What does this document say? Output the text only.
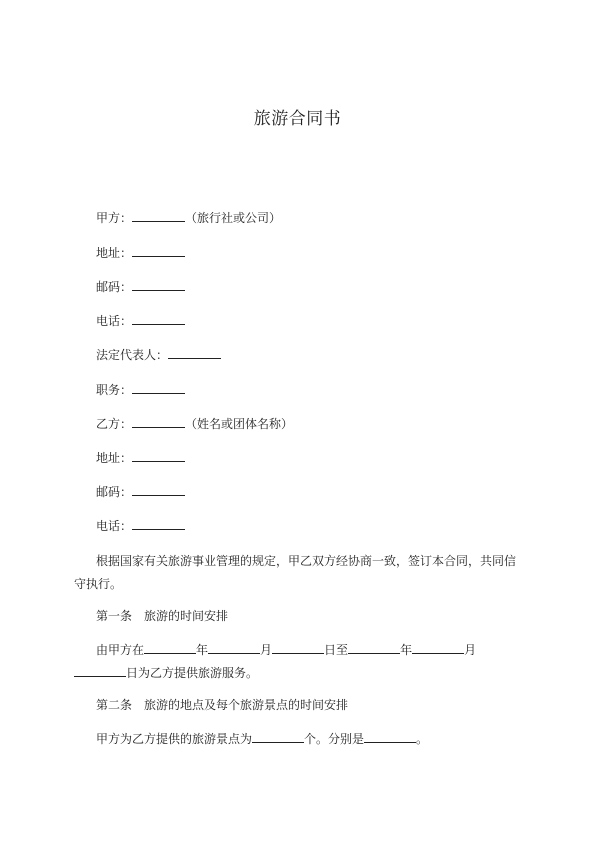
旅游合同书
甲方：	（旅行社或公司）
地址：
邮码：
电话：
法定代表人：
职务：
乙方：	（姓名或团体名称）
地址：
邮码：
电话：
根据国家有关旅游事业管理的规定，甲乙双方经协商一致，签订本合同，共同信守执行。
第一条　旅游的时间安排
由甲方在	年	月	日至	年	月日为乙方提供旅游服务。
第二条　旅游的地点及每个旅游景点的时间安排
甲方为乙方提供的旅游景点为	个。分别是	。
